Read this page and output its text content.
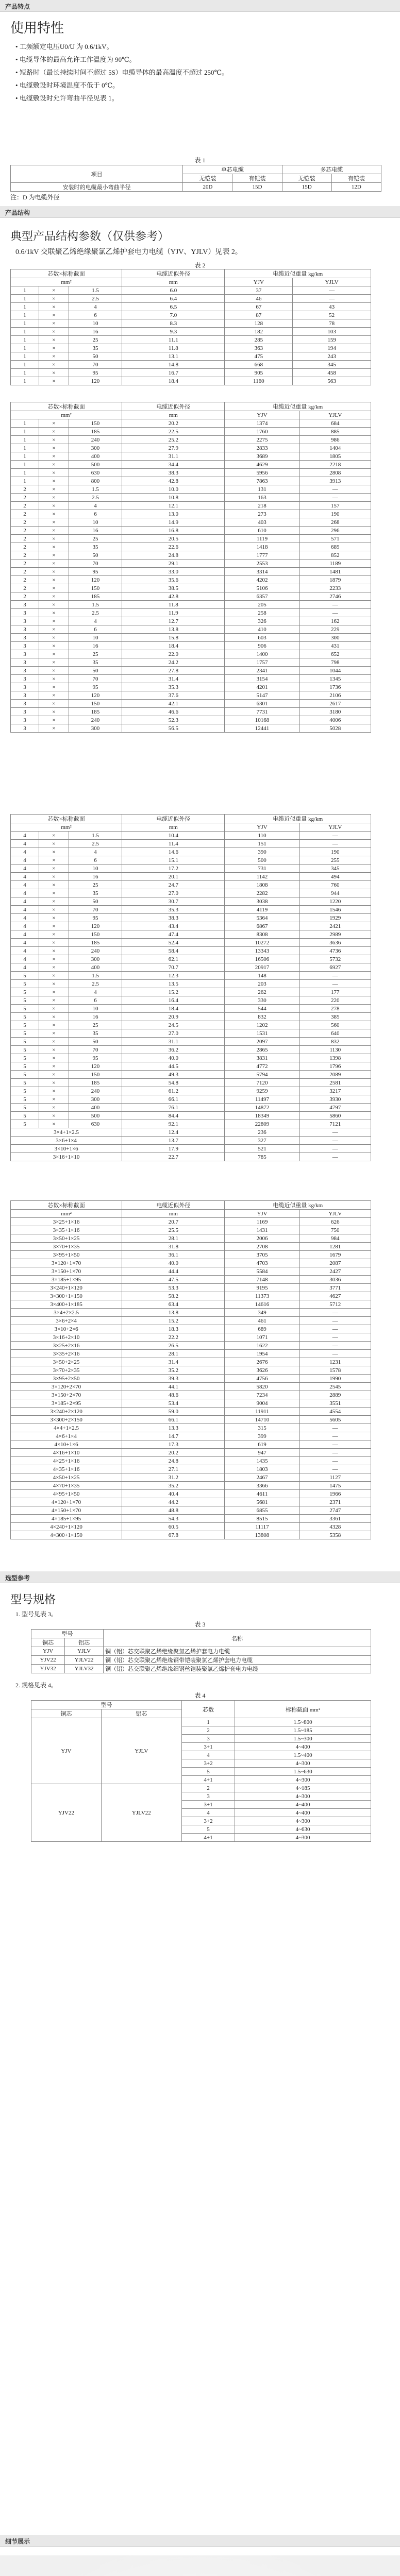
产品特点
使用特性
• 工频额定电压U0/U 为 0.6/1kV。
• 电缆导体的最高允许工作温度为 90℃。
• 短路时（最长持续时间不超过 5S）电缆导体的最高温度不超过 250℃。
• 电缆敷设时环境温度不低于 0℃。
• 电缆敷设时允许弯曲半径见表 1。
表 1
项目	单芯电缆		多芯电缆	
	无铠装	有铠装	无铠装	有铠装
安装时的电缆最小弯曲半径	20D	15D	15D	12D
注：D 为电缆外径
产品结构
典型产品结构参数（仅供参考）
0.6/1kV 交联聚乙烯绝缘聚氯乙烯护套电力电缆（YJV、YJLV）见表 2。
表 2
芯数×标称截面			电缆近似外径	电缆近似重量 kg/km	
mm²			mm	YJV	YJLV
1	×	1.5	6.0	37	—
1	×	2.5	6.4	46	—
1	×	4	6.5	67	43
1	×	6	7.0	87	52
1	×	10	8.3	128	78
1	×	16	9.3	182	103
1	×	25	11.1	285	159
1	×	35	11.8	363	194
1	×	50	13.1	475	243
1	×	70	14.8	668	345
1	×	95	16.7	905	458
1	×	120	18.4	1160	563
芯数×标称截面			电缆近似外径	电缆近似重量 kg/km	
mm²			mm	YJV	YJLV
1	×	150	20.2	1374	684
1	×	185	22.5	1760	885
1	×	240	25.2	2275	986
1	×	300	27.9	2833	1404
1	×	400	31.1	3689	1805
1	×	500	34.4	4629	2218
1	×	630	38.3	5956	2808
1	×	800	42.8	7863	3913
2	×	1.5	10.0	131	—
2	×	2.5	10.8	163	—
2	×	4	12.1	218	157
2	×	6	13.0	273	190
2	×	10	14.9	403	268
2	×	16	16.8	610	296
2	×	25	20.5	1119	571
2	×	35	22.6	1418	689
2	×	50	24.8	1777	852
2	×	70	29.1	2553	1189
2	×	95	33.0	3314	1481
2	×	120	35.6	4202	1879
2	×	150	38.5	5106	2233
2	×	185	42.8	6357	2746
3	×	1.5	11.8	205	—
3	×	2.5	11.9	258	—
3	×	4	12.7	326	162
3	×	6	13.8	410	229
3	×	10	15.8	603	300
3	×	16	18.4	906	431
3	×	25	22.0	1400	652
3	×	35	24.2	1757	798
3	×	50	27.8	2341	1044
3	×	70	31.4	3154	1345
3	×	95	35.3	4201	1736
3	×	120	37.6	5147	2106
3	×	150	42.1	6301	2617
3	×	185	46.6	7731	3180
3	×	240	52.3	10168	4006
3	×	300	56.5	12441	5028
芯数×标称截面			电缆近似外径	电缆近似重量 kg/km	
mm²			mm	YJV	YJLV
4	×	1.5	10.4	110	—
4	×	2.5	11.4	151	—
4	×	4	14.6	390	190
4	×	6	15.1	500	255
4	×	10	17.2	731	345
4	×	16	20.1	1142	494
4	×	25	24.7	1808	760
4	×	35	27.0	2282	944
4	×	50	30.7	3038	1220
4	×	70	35.3	4119	1546
4	×	95	38.3	5364	1929
4	×	120	43.4	6867	2421
4	×	150	47.4	8308	2989
4	×	185	52.4	10272	3636
4	×	240	58.4	13343	4736
4	×	300	62.1	16506	5732
4	×	400	70.7	20917	6927
5	×	1.5	12.3	148	—
5	×	2.5	13.5	203	—
5	×	4	15.2	262	177
5	×	6	16.4	330	220
5	×	10	18.4	544	278
5	×	16	20.9	832	385
5	×	25	24.5	1202	560
5	×	35	27.0	1531	640
5	×	50	31.1	2097	832
5	×	70	36.2	2865	1130
5	×	95	40.0	3831	1398
5	×	120	44.5	4772	1796
5	×	150	49.3	5794	2089
5	×	185	54.8	7120	2581
5	×	240	61.2	9259	3217
5	×	300	66.1	11497	3930
5	×	400	76.1	14872	4797
5	×	500	84.4	18349	5860
5	×	630	92.1	22809	7121
3×4+1×2.5			12.4	236	—
3×6+1×4			13.7	327	—
3×10+1×6			17.9	521	—
3×16+1×10			22.7	785	—
芯数×标称截面	电缆近似外径	电缆近似重量 kg/km	
mm²	mm	YJV	YJLV
3×25+1×16	20.7	1169	626
3×35+1×16	25.5	1431	750
3×50+1×25	28.1	2006	984
3×70+1×35	31.8	2708	1281
3×95+1×50	36.1	3705	1679
3×120+1×70	40.0	4703	2087
3×150+1×70	44.4	5584	2427
3×185+1×95	47.5	7148	3036
3×240+1×120	53.3	9195	3771
3×300+1×150	58.2	11373	4627
3×400+1×185	63.4	14616	5712
3×4+2×2.5	13.8	349	—
3×6+2×4	15.2	461	—
3×10+2×6	18.3	689	—
3×16+2×10	22.2	1071	—
3×25+2×16	26.5	1622	—
3×35+2×16	28.1	1954	—
3×50+2×25	31.4	2676	1231
3×70+2×35	35.2	3626	1578
3×95+2×50	39.3	4756	1990
3×120+2×70	44.1	5820	2545
3×150+2×70	48.6	7234	2889
3×185+2×95	53.4	9004	3551
3×240+2×120	59.0	11911	4554
3×300+2×150	66.1	14710	5605
4×4+1×2.5	13.3	315	—
4×6+1×4	14.7	399	—
4×10+1×6	17.3	619	—
4×16+1×10	20.2	947	—
4×25+1×16	24.8	1435	—
4×35+1×16	27.1	1803	—
4×50+1×25	31.2	2467	1127
4×70+1×35	35.2	3366	1475
4×95+1×50	40.4	4611	1966
4×120+1×70	44.2	5681	2371
4×150+1×70	48.8	6855	2747
4×185+1×95	54.3	8515	3361
4×240+1×120	60.5	11117	4328
4×300+1×150	67.8	13808	5358
选型参考
型号规格
1. 型号见表 3。
表 3
型号		名称
铜芯	铝芯	
YJV	YJLV	铜（铝）芯交联聚乙烯绝缘聚氯乙烯护套电力电缆
YJV22	YJLV22	铜（铝）芯交联聚乙烯绝缘钢带铠装聚氯乙烯护套电力电缆
YJV32	YJLV32	铜（铝）芯交联聚乙烯绝缘细钢丝铠装聚氯乙烯护套电力电缆
2. 规格见表 4。
表 4
型号		芯数	标称截面 mm²
铜芯	铝芯		
YJV	YJLV	1	1.5~800
		2	1.5~185
		3	1.5~300
		3+1	4~400
		4	1.5~400
		3+2	4~300
		5	1.5~630
		4+1	4~300
YJV22	YJLV22	2	4~185
		3	4~300
		3+1	4~400
		4	4~400
		3+2	4~300
		5	4~630
		4+1	4~300
细节展示
